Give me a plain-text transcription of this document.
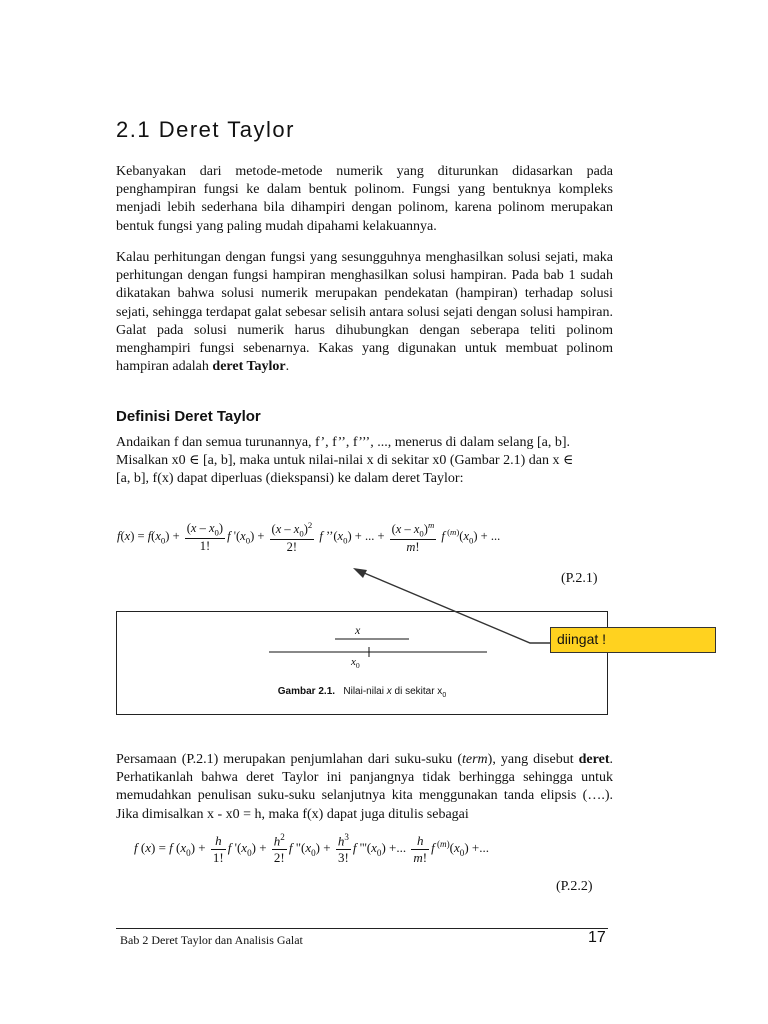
2.1 Deret Taylor

Kebanyakan dari metode-metode numerik yang diturunkan didasarkan pada penghampiran fungsi ke dalam bentuk polinom. Fungsi yang bentuknya kompleks menjadi lebih sederhana bila dihampiri dengan polinom, karena polinom merupakan bentuk fungsi yang paling mudah dipahami kelakuannya.

Kalau perhitungan dengan fungsi yang sesungguhnya menghasilkan solusi sejati, maka perhitungan dengan fungsi hampiran menghasilkan solusi hampiran. Pada bab 1 sudah dikatakan bahwa solusi numerik merupakan pendekatan (hampiran) terhadap solusi sejati, sehingga terdapat galat sebesar selisih antara solusi sejati dengan solusi hampiran. Galat pada solusi numerik harus dihubungkan dengan seberapa teliti polinom menghampiri fungsi sebenarnya. Kakas yang digunakan untuk membuat polinom hampiran adalah deret Taylor.

Definisi Deret Taylor

Andaikan f dan semua turunannya, f’, f’’, f’’’, ..., menerus di dalam selang [a, b].
Misalkan x0 ∈ [a, b], maka untuk nilai-nilai x di sekitar x0 (Gambar 2.1) dan x ∈
[a, b], f(x) dapat diperluas (diekspansi) ke dalam deret Taylor:

$f(x) = f(x_0) + \frac{(x - x_0)}{1!}$ f '$(x_0) + \frac{(x - x_0)^2}{2!}$ f $’’(x_0)$ + ... + $\frac{(x - x_0)^m}{m!}$ f $^{(m)}(x_0)$ + ...
(P.2.1)
x
$x_0$
Gambar 2.1.   Nilai-nilai x di sekitar $x_0$
diingat !

Persamaan (P.2.1) merupakan penjumlahan dari suku-suku (term), yang disebut deret. Perhatikanlah bahwa deret Taylor ini panjangnya tidak berhingga sehingga untuk memudahkan penulisan suku-suku selanjutnya kita menggunakan tanda elipsis (….). Jika dimisalkan x - x0 = h, maka f(x) dapat juga ditulis sebagai

f (x) = f $(x_0) + \frac{h}{1!}$ f '$(x_0) + \frac{h^2}{2!}$ f "$(x_0) + \frac{h^3}{3!}$ f '''$(x_0)$ +... $\frac{h}{m!}$ f $^{(m)}(x_0)$ +...
(P.2.2)
Bab 2 Deret Taylor dan Analisis Galat	17
